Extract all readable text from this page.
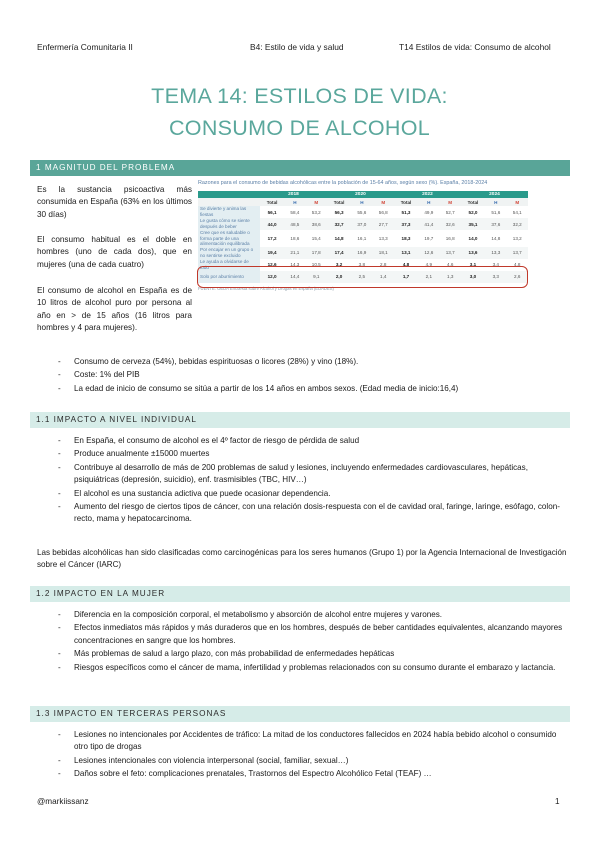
Enfermería Comunitaria II	B4: Estilo de vida y salud	T14 Estilos de vida: Consumo de alcohol
TEMA 14: ESTILOS DE VIDA:
CONSUMO DE ALCOHOL
1 MAGNITUD DEL PROBLEMA
Es la sustancia psicoactiva más consumida en España (63% en los últimos 30 días)
El consumo habitual es el doble en hombres (uno de cada dos), que en mujeres (una de cada cuatro)
El consumo de alcohol en España es de 10 litros de alcohol puro por persona al año en > de 15 años (16 litros para hombres y 4 para mujeres).
Razones para el consumo de bebidas alcohólicas entre la población de 15-64 años, según sexo (%). España, 2018-2024
	2018			2020			2022			2024		
	Total	H	M	Total	H	M	Total	H	M	Total	H	M
Se divierte y anima las fiestas	56,1	58,4	53,2	56,3	55,6	56,8	51,3	49,9	52,7	52,0	51,6	54,1
Le gusta cómo se siente después de beber	44,0	48,5	38,6	32,7	37,0	27,7	37,3	41,4	32,6	35,1	37,6	32,2
Cree que es saludable o forma parte de una alimentación equilibrada	17,2	18,6	15,4	14,8	16,1	13,3	18,3	19,7	16,8	14,0	14,8	13,2
Por encajar en un grupo o no sentirse excluido	19,4	21,1	17,8	17,4	16,9	18,1	13,1	12,6	13,7	13,6	13,3	13,7
Le ayuda a olvidarse de todo	12,6	14,3	10,5	3,2	3,8	2,8	4,8	4,9	4,6	3,1	3,4	4,8
Solo por aburrimiento	12,0	14,4	9,1	2,0	2,5	1,4	1,7	2,1	1,3	3,0	3,3	2,6
FUENTE: OEDA Encuesta sobre Alcohol y Drogas en España (EDADES)
- Consumo de cerveza (54%), bebidas espirituosas o licores (28%) y vino (18%).
- Coste: 1% del PIB
- La edad de inicio de consumo se sitúa a partir de los 14 años en ambos sexos. (Edad media de inicio:16,4)
1.1 IMPACTO A NIVEL INDIVIDUAL
- En España, el consumo de alcohol es el 4º factor de riesgo de pérdida de salud
- Produce anualmente ±15000 muertes
- Contribuye al desarrollo de más de 200 problemas de salud y lesiones, incluyendo enfermedades cardiovasculares, hepáticas, psiquiátricas (depresión, suicidio), enf. trasmisibles (TBC, HIV…)
- El alcohol es una sustancia adictiva que puede ocasionar dependencia.
- Aumento del riesgo de ciertos tipos de cáncer, con una relación dosis-respuesta con el de cavidad oral, faringe, laringe, esófago, colon-recto, mama y hepatocarcinoma.
Las bebidas alcohólicas han sido clasificadas como carcinogénicas para los seres humanos (Grupo 1) por la Agencia Internacional de Investigación sobre el Cáncer (IARC)
1.2 IMPACTO EN LA MUJER
- Diferencia en la composición corporal, el metabolismo y absorción de alcohol entre mujeres y varones.
- Efectos inmediatos más rápidos y más duraderos que en los hombres, después de beber cantidades equivalentes, alcanzando mayores concentraciones en sangre que los hombres.
- Más problemas de salud a largo plazo, con más probabilidad de enfermedades hepáticas
- Riesgos específicos como el cáncer de mama, infertilidad y problemas relacionados con su consumo durante el embarazo y lactancia.
1.3 IMPACTO EN TERCERAS PERSONAS
- Lesiones no intencionales por Accidentes de tráfico: La mitad de los conductores fallecidos en 2024 había bebido alcohol o consumido otro tipo de drogas
- Lesiones intencionales con violencia interpersonal (social, familiar, sexual…)
- Daños sobre el feto: complicaciones prenatales, Trastornos del Espectro Alcohólico Fetal (TEAF) …
@markiissanz	1
